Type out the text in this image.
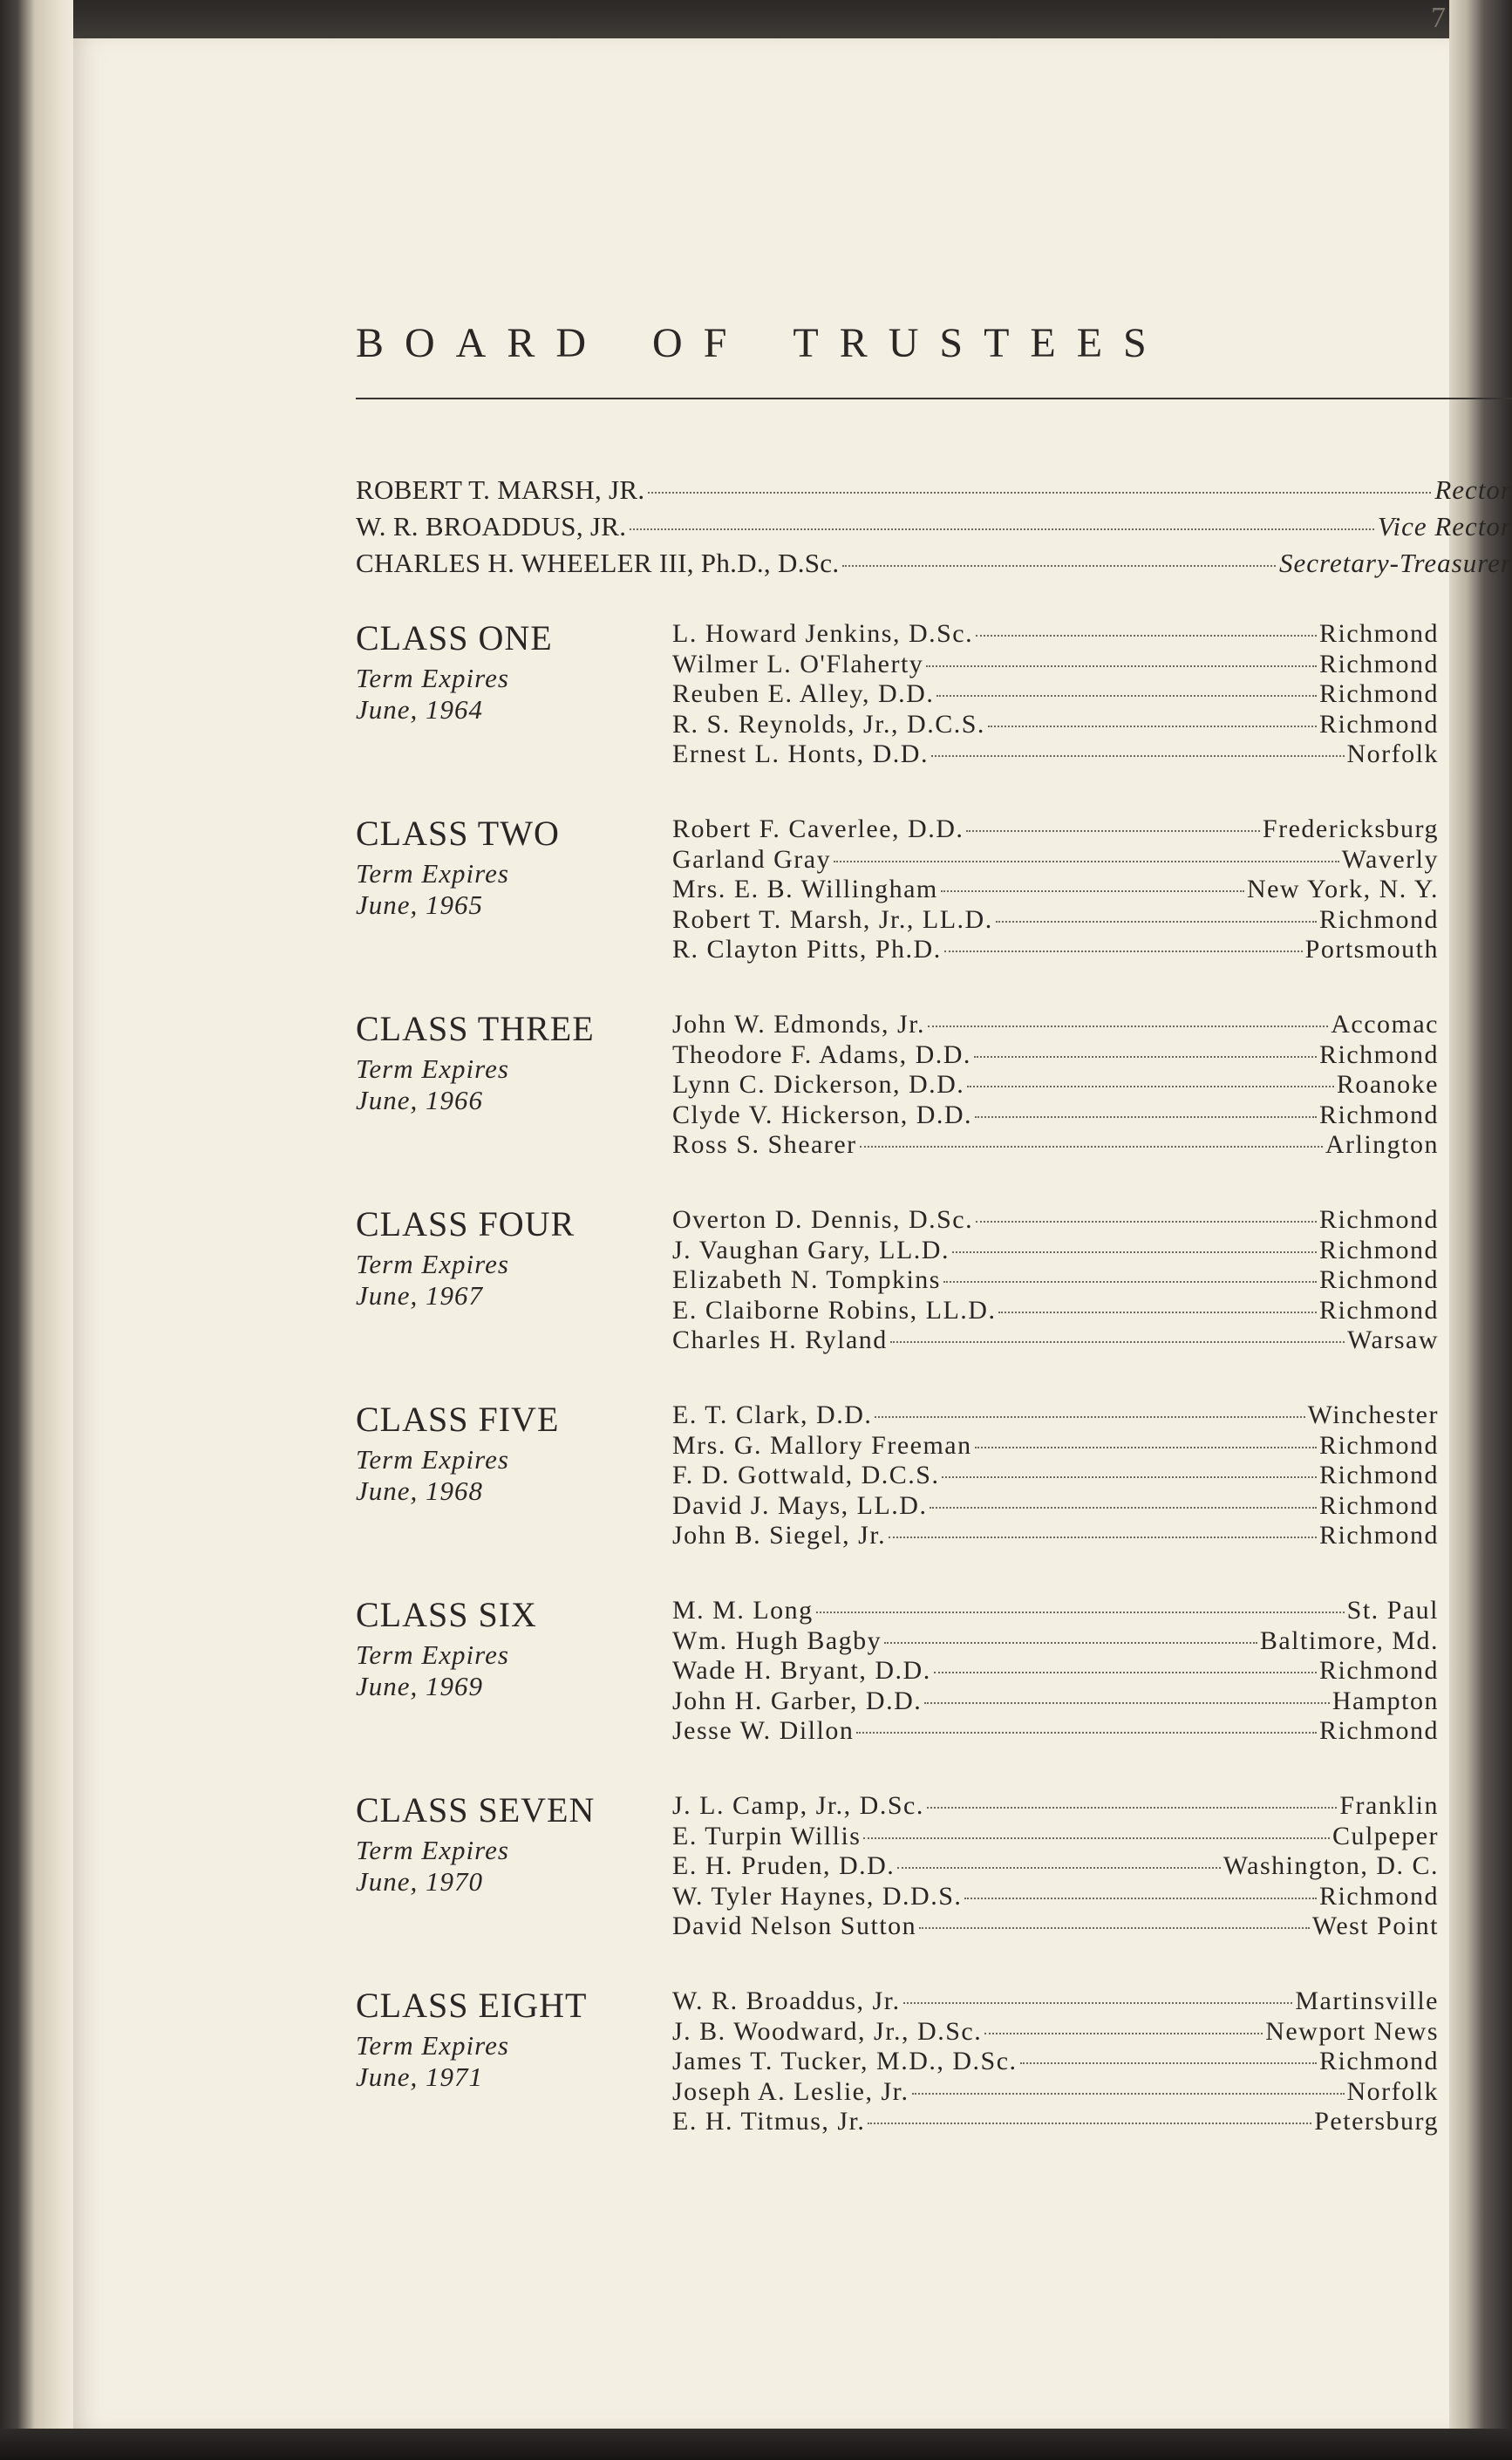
7
BOARD OF TRUSTEES
ROBERT T. MARSH, JR.	Rector
W. R. BROADDUS, JR.	Vice Rector
CHARLES H. WHEELER III, Ph.D., D.Sc.	Secretary-Treasurer
CLASS ONE
Term Expires
June, 1964
L. Howard Jenkins, D.Sc.	Richmond
Wilmer L. O'Flaherty	Richmond
Reuben E. Alley, D.D.	Richmond
R. S. Reynolds, Jr., D.C.S.	Richmond
Ernest L. Honts, D.D.	Norfolk
CLASS TWO
Term Expires
June, 1965
Robert F. Caverlee, D.D.	Fredericksburg
Garland Gray	Waverly
Mrs. E. B. Willingham	New York, N. Y.
Robert T. Marsh, Jr., LL.D.	Richmond
R. Clayton Pitts, Ph.D.	Portsmouth
CLASS THREE
Term Expires
June, 1966
John W. Edmonds, Jr.	Accomac
Theodore F. Adams, D.D.	Richmond
Lynn C. Dickerson, D.D.	Roanoke
Clyde V. Hickerson, D.D.	Richmond
Ross S. Shearer	Arlington
CLASS FOUR
Term Expires
June, 1967
Overton D. Dennis, D.Sc.	Richmond
J. Vaughan Gary, LL.D.	Richmond
Elizabeth N. Tompkins	Richmond
E. Claiborne Robins, LL.D.	Richmond
Charles H. Ryland	Warsaw
CLASS FIVE
Term Expires
June, 1968
E. T. Clark, D.D.	Winchester
Mrs. G. Mallory Freeman	Richmond
F. D. Gottwald, D.C.S.	Richmond
David J. Mays, LL.D.	Richmond
John B. Siegel, Jr.	Richmond
CLASS SIX
Term Expires
June, 1969
M. M. Long	St. Paul
Wm. Hugh Bagby	Baltimore, Md.
Wade H. Bryant, D.D.	Richmond
John H. Garber, D.D.	Hampton
Jesse W. Dillon	Richmond
CLASS SEVEN
Term Expires
June, 1970
J. L. Camp, Jr., D.Sc.	Franklin
E. Turpin Willis	Culpeper
E. H. Pruden, D.D.	Washington, D. C.
W. Tyler Haynes, D.D.S.	Richmond
David Nelson Sutton	West Point
CLASS EIGHT
Term Expires
June, 1971
W. R. Broaddus, Jr.	Martinsville
J. B. Woodward, Jr., D.Sc.	Newport News
James T. Tucker, M.D., D.Sc.	Richmond
Joseph A. Leslie, Jr.	Norfolk
E. H. Titmus, Jr.	Petersburg
